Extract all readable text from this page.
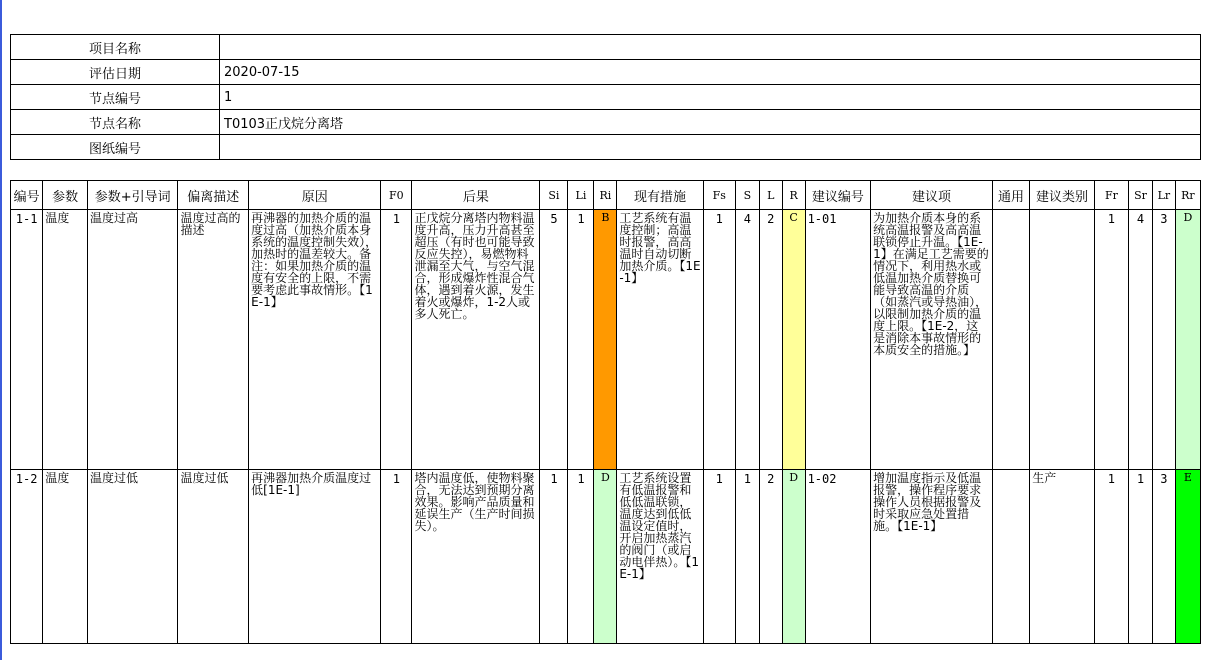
项目名称	
评估日期	2020-07-15
节点编号	1
节点名称	T0103正戊烷分离塔
图纸编号	
编号	参数	参数+引导词	偏离描述	原因	F0	后果	Si	Li	Ri	现有措施	Fs	S	L	R	建议编号	建议项	通用	建议类别	Fr	Sr	Lr	Rr
1-1	温度	温度过高	温度过高的描述	再沸器的加热介质的温度过高（加热介质本身系统的温度控制失效），加热时的温差较大。备注：如果加热介质的温度有安全的上限，不需要考虑此事故情形。【1E-1】	1	正戊烷分离塔内物料温度升高，压力升高甚至超压（有时也可能导致反应失控），易燃物料泄漏至大气，与空气混合，形成爆炸性混合气体，遇到着火源，发生着火或爆炸，1-2人或多人死亡。	5	1	B	工艺系统有温度控制；高温时报警，高高温时自动切断加热介质。【1E-1】	1	4	2	C	1-01	为加热介质本身的系统高温报警及高高温联锁停止升温。【1E-1】在满足工艺需要的情况下，利用热水或低温加热介质替换可能导致高温的介质（如蒸汽或导热油），以限制加热介质的温度上限。【1E-2，这是消除本事故情形的本质安全的措施。】			1	4	3	D
1-2	温度	温度过低	温度过低	再沸器加热介质温度过低[1E-1]	1	塔内温度低，使物料聚合，无法达到预期分离效果。影响产品质量和延误生产（生产时间损失）。	1	1	D	工艺系统设置有低温报警和低低温联锁，温度达到低低温设定值时，开启加热蒸汽的阀门（或启动电伴热）。【1E-1】	1	1	2	D	1-02	增加温度指示及低温报警，操作程序要求操作人员根据报警及时采取应急处置措施。【1E-1】		生产	1	1	3	E
